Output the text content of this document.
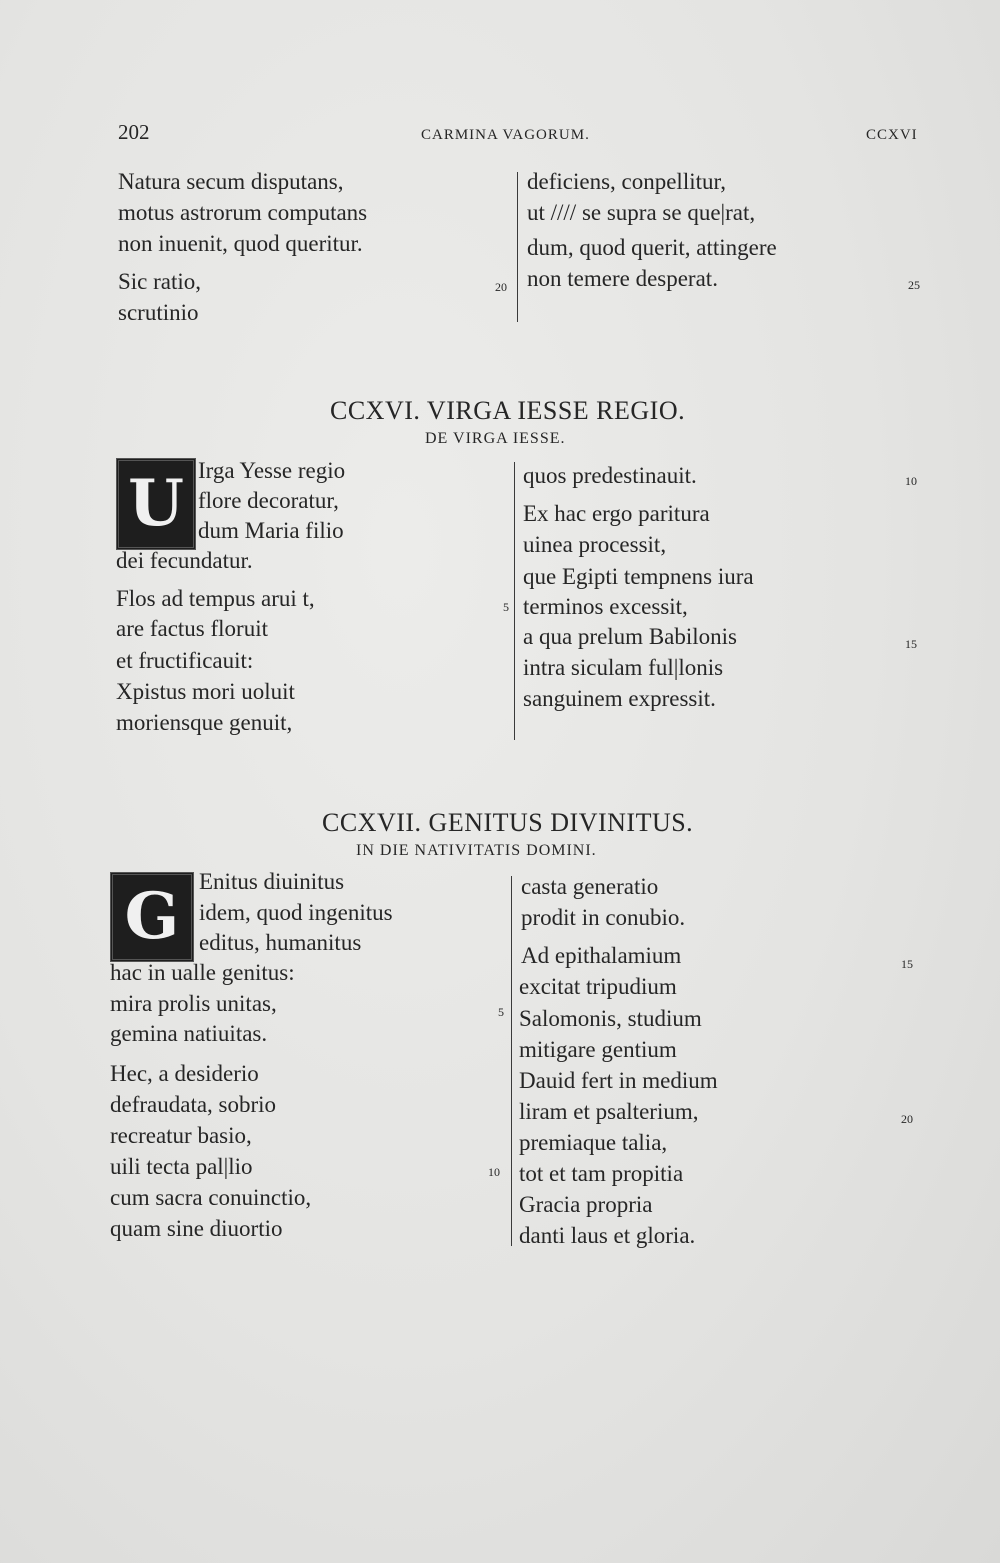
202	CARMINA VAGORUM.	CCXVI
Natura secum disputans,
motus astrorum computans
non inuenit, quod queritur.
Sic ratio,
scrutinio
20
deficiens, conpellitur,
ut //// se supra se que|rat,
dum, quod querit, attingere
non temere desperat.	25
CCXVI. VIRGA IESSE REGIO.
DE VIRGA IESSE.
U Irga Yesse regio
flore decoratur,
dum Maria filio
dei fecundatur.
Flos ad tempus arui t,
are factus floruit
et fructificauit:
Xpistus mori uoluit
moriensque genuit,
5
quos predestinauit.
Ex hac ergo paritura
uinea processit,
que Egipti tempnens iura
terminos excessit,
a qua prelum Babilonis
intra siculam ful|lonis
sanguinem expressit.
10
15
CCXVII. GENITUS DIVINITUS.
IN DIE NATIVITATIS DOMINI.
G Enitus diuinitus
idem, quod ingenitus
editus, humanitus
hac in ualle genitus:
mira prolis unitas,
gemina natiuitas.
Hec, a desiderio
defraudata, sobrio
recreatur basio,
uili tecta pal|lio
cum sacra conuinctio,
quam sine diuortio
5
10
casta generatio
prodit in conubio.
Ad epithalamium
excitat tripudium
Salomonis, studium
mitigare gentium
Dauid fert in medium
liram et psalterium,
premiaque talia,
tot et tam propitia
Gracia propria
danti laus et gloria.
15
20
